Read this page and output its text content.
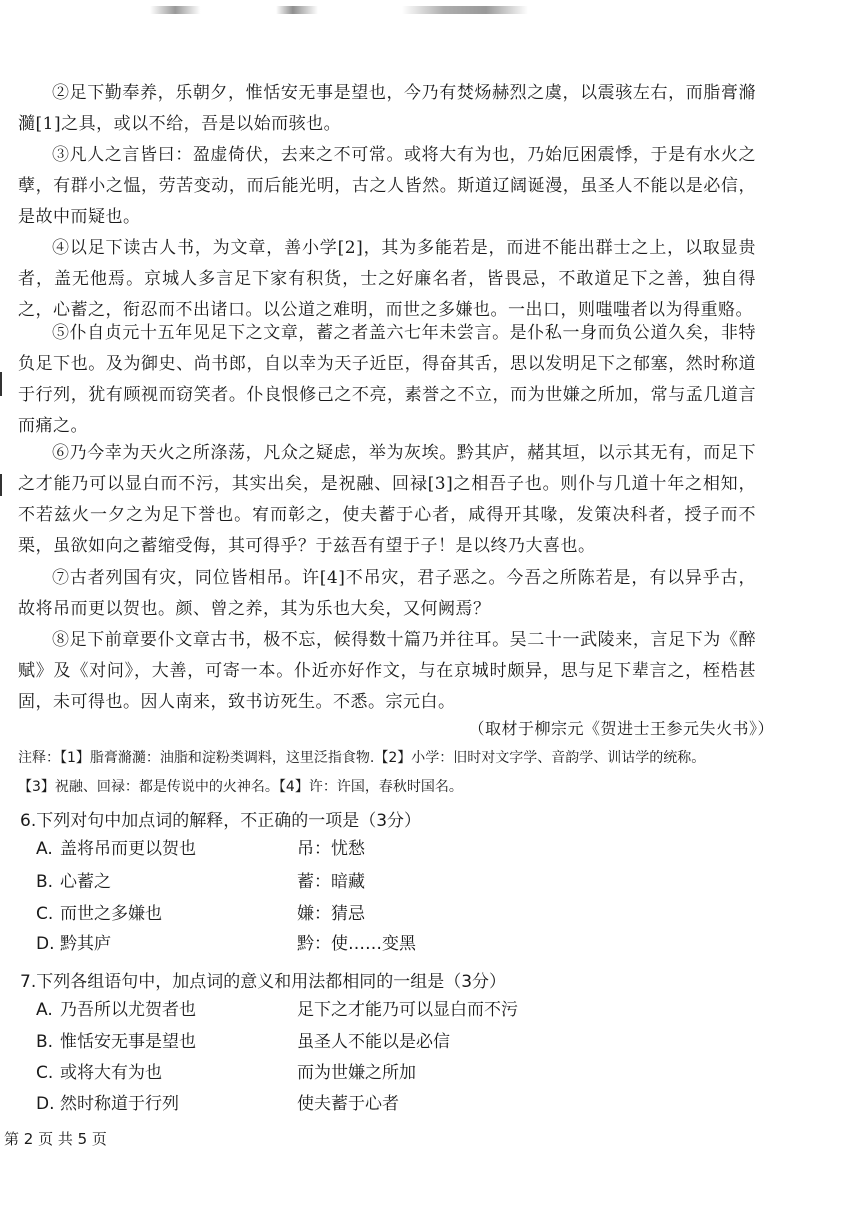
②足下勤奉养，乐朝夕，惟恬安无事是望也，今乃有焚炀赫烈之虞，以震骇左右，而脂膏滫瀡[1]之具，或以不给，吾是以始而骇也。

③凡人之言皆曰：盈虚倚伏，去来之不可常。或将大有为也，乃始厄困震悸，于是有水火之孽，有群小之愠，劳苦变动，而后能光明，古之人皆然。斯道辽阔诞漫，虽圣人不能以是必信，是故中而疑也。

④以足下读古人书，为文章，善小学[2]，其为多能若是，而进不能出群士之上，以取显贵者，盖无他焉。京城人多言足下家有积货，士之好廉名者，皆畏忌，不敢道足下之善，独自得之，心蓄之，衔忍而不出诸口。以公道之难明，而世之多嫌也。一出口，则嗤嗤者以为得重赂。

⑤仆自贞元十五年见足下之文章，蓄之者盖六七年未尝言。是仆私一身而负公道久矣，非特负足下也。及为御史、尚书郎，自以幸为天子近臣，得奋其舌，思以发明足下之郁塞，然时称道于行列，犹有顾视而窃笑者。仆良恨修己之不亮，素誉之不立，而为世嫌之所加，常与孟几道言而痛之。

⑥乃今幸为天火之所涤荡，凡众之疑虑，举为灰埃。黔其庐，赭其垣，以示其无有，而足下之才能乃可以显白而不污，其实出矣，是祝融、回禄[3]之相吾子也。则仆与几道十年之相知，不若兹火一夕之为足下誉也。宥而彰之，使夫蓄于心者，咸得开其喙，发策决科者，授子而不栗，虽欲如向之蓄缩受侮，其可得乎？于兹吾有望于子！是以终乃大喜也。

⑦古者列国有灾，同位皆相吊。许[4]不吊灾，君子恶之。今吾之所陈若是，有以异乎古，故将吊而更以贺也。颜、曾之养，其为乐也大矣，又何阙焉？

⑧足下前章要仆文章古书，极不忘，候得数十篇乃并往耳。吴二十一武陵来，言足下为《醉赋》及《对问》，大善，可寄一本。仆近亦好作文，与在京城时颇异，思与足下辈言之，桎梏甚固，未可得也。因人南来，致书访死生。不悉。宗元白。

（取材于柳宗元《贺进士王参元失火书》）
注释：【1】脂膏滫瀡：油脂和淀粉类调料，这里泛指食物.【2】小学：旧时对文字学、音韵学、训诂学的统称。
【3】祝融、回禄：都是传说中的火神名。【4】许：许国，春秋时国名。
6.下列对句中加点词的解释，不正确的一项是（3分）
A. 盖将吊而更以贺也	吊：忧愁
B. 心蓄之	蓄：暗藏
C. 而世之多嫌也	嫌：猜忌
D. 黔其庐	黔：使……变黑
7.下列各组语句中，加点词的意义和用法都相同的一组是（3分）
A. 乃吾所以尤贺者也	足下之才能乃可以显白而不污
B. 惟恬安无事是望也	虽圣人不能以是必信
C. 或将大有为也	而为世嫌之所加
D. 然时称道于行列	使夫蓄于心者
第 2 页 共 5 页
